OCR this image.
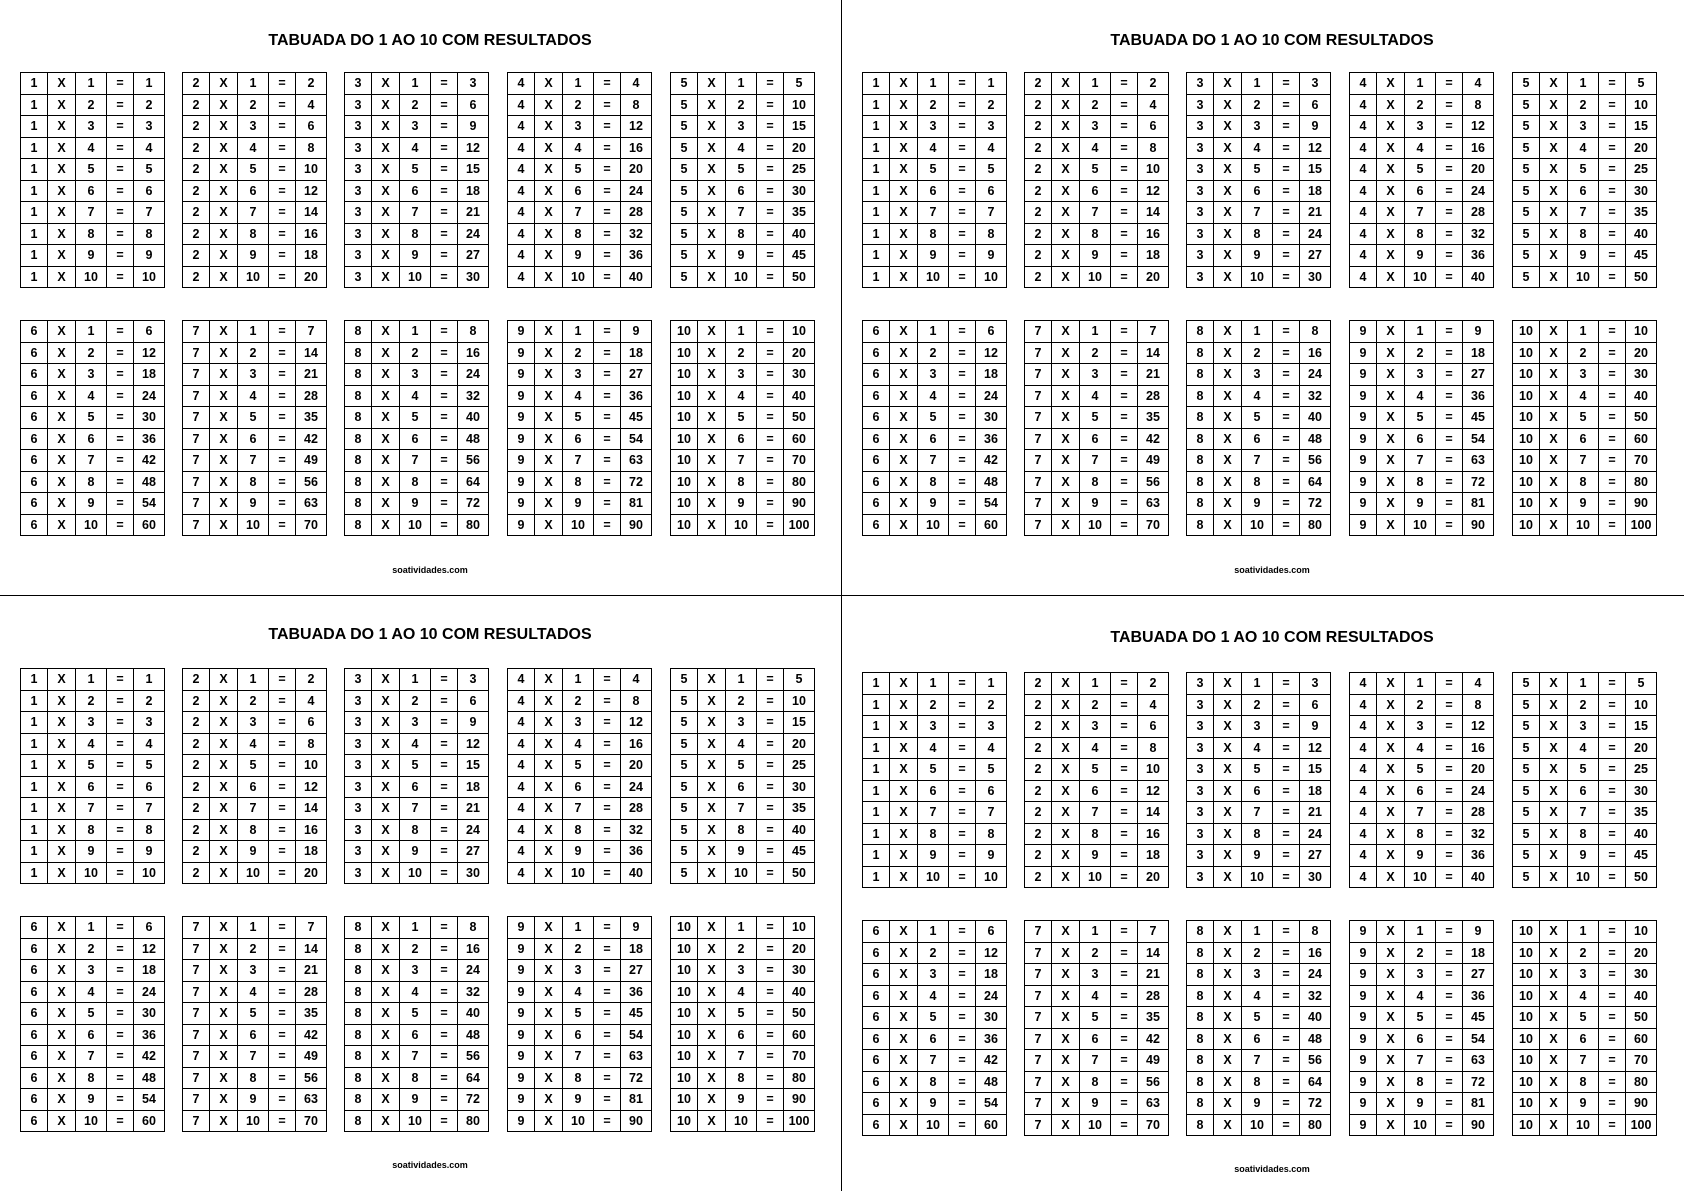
TABUADA DO 1 AO 10 COM RESULTADOS
1	X	1	=	1
1	X	2	=	2
1	X	3	=	3
1	X	4	=	4
1	X	5	=	5
1	X	6	=	6
1	X	7	=	7
1	X	8	=	8
1	X	9	=	9
1	X	10	=	10
2	X	1	=	2
2	X	2	=	4
2	X	3	=	6
2	X	4	=	8
2	X	5	=	10
2	X	6	=	12
2	X	7	=	14
2	X	8	=	16
2	X	9	=	18
2	X	10	=	20
3	X	1	=	3
3	X	2	=	6
3	X	3	=	9
3	X	4	=	12
3	X	5	=	15
3	X	6	=	18
3	X	7	=	21
3	X	8	=	24
3	X	9	=	27
3	X	10	=	30
4	X	1	=	4
4	X	2	=	8
4	X	3	=	12
4	X	4	=	16
4	X	5	=	20
4	X	6	=	24
4	X	7	=	28
4	X	8	=	32
4	X	9	=	36
4	X	10	=	40
5	X	1	=	5
5	X	2	=	10
5	X	3	=	15
5	X	4	=	20
5	X	5	=	25
5	X	6	=	30
5	X	7	=	35
5	X	8	=	40
5	X	9	=	45
5	X	10	=	50
6	X	1	=	6
6	X	2	=	12
6	X	3	=	18
6	X	4	=	24
6	X	5	=	30
6	X	6	=	36
6	X	7	=	42
6	X	8	=	48
6	X	9	=	54
6	X	10	=	60
7	X	1	=	7
7	X	2	=	14
7	X	3	=	21
7	X	4	=	28
7	X	5	=	35
7	X	6	=	42
7	X	7	=	49
7	X	8	=	56
7	X	9	=	63
7	X	10	=	70
8	X	1	=	8
8	X	2	=	16
8	X	3	=	24
8	X	4	=	32
8	X	5	=	40
8	X	6	=	48
8	X	7	=	56
8	X	8	=	64
8	X	9	=	72
8	X	10	=	80
9	X	1	=	9
9	X	2	=	18
9	X	3	=	27
9	X	4	=	36
9	X	5	=	45
9	X	6	=	54
9	X	7	=	63
9	X	8	=	72
9	X	9	=	81
9	X	10	=	90
10	X	1	=	10
10	X	2	=	20
10	X	3	=	30
10	X	4	=	40
10	X	5	=	50
10	X	6	=	60
10	X	7	=	70
10	X	8	=	80
10	X	9	=	90
10	X	10	=	100
soatividades.com
TABUADA DO 1 AO 10 COM RESULTADOS
1	X	1	=	1
1	X	2	=	2
1	X	3	=	3
1	X	4	=	4
1	X	5	=	5
1	X	6	=	6
1	X	7	=	7
1	X	8	=	8
1	X	9	=	9
1	X	10	=	10
2	X	1	=	2
2	X	2	=	4
2	X	3	=	6
2	X	4	=	8
2	X	5	=	10
2	X	6	=	12
2	X	7	=	14
2	X	8	=	16
2	X	9	=	18
2	X	10	=	20
3	X	1	=	3
3	X	2	=	6
3	X	3	=	9
3	X	4	=	12
3	X	5	=	15
3	X	6	=	18
3	X	7	=	21
3	X	8	=	24
3	X	9	=	27
3	X	10	=	30
4	X	1	=	4
4	X	2	=	8
4	X	3	=	12
4	X	4	=	16
4	X	5	=	20
4	X	6	=	24
4	X	7	=	28
4	X	8	=	32
4	X	9	=	36
4	X	10	=	40
5	X	1	=	5
5	X	2	=	10
5	X	3	=	15
5	X	4	=	20
5	X	5	=	25
5	X	6	=	30
5	X	7	=	35
5	X	8	=	40
5	X	9	=	45
5	X	10	=	50
6	X	1	=	6
6	X	2	=	12
6	X	3	=	18
6	X	4	=	24
6	X	5	=	30
6	X	6	=	36
6	X	7	=	42
6	X	8	=	48
6	X	9	=	54
6	X	10	=	60
7	X	1	=	7
7	X	2	=	14
7	X	3	=	21
7	X	4	=	28
7	X	5	=	35
7	X	6	=	42
7	X	7	=	49
7	X	8	=	56
7	X	9	=	63
7	X	10	=	70
8	X	1	=	8
8	X	2	=	16
8	X	3	=	24
8	X	4	=	32
8	X	5	=	40
8	X	6	=	48
8	X	7	=	56
8	X	8	=	64
8	X	9	=	72
8	X	10	=	80
9	X	1	=	9
9	X	2	=	18
9	X	3	=	27
9	X	4	=	36
9	X	5	=	45
9	X	6	=	54
9	X	7	=	63
9	X	8	=	72
9	X	9	=	81
9	X	10	=	90
10	X	1	=	10
10	X	2	=	20
10	X	3	=	30
10	X	4	=	40
10	X	5	=	50
10	X	6	=	60
10	X	7	=	70
10	X	8	=	80
10	X	9	=	90
10	X	10	=	100
soatividades.com
TABUADA DO 1 AO 10 COM RESULTADOS
1	X	1	=	1
1	X	2	=	2
1	X	3	=	3
1	X	4	=	4
1	X	5	=	5
1	X	6	=	6
1	X	7	=	7
1	X	8	=	8
1	X	9	=	9
1	X	10	=	10
2	X	1	=	2
2	X	2	=	4
2	X	3	=	6
2	X	4	=	8
2	X	5	=	10
2	X	6	=	12
2	X	7	=	14
2	X	8	=	16
2	X	9	=	18
2	X	10	=	20
3	X	1	=	3
3	X	2	=	6
3	X	3	=	9
3	X	4	=	12
3	X	5	=	15
3	X	6	=	18
3	X	7	=	21
3	X	8	=	24
3	X	9	=	27
3	X	10	=	30
4	X	1	=	4
4	X	2	=	8
4	X	3	=	12
4	X	4	=	16
4	X	5	=	20
4	X	6	=	24
4	X	7	=	28
4	X	8	=	32
4	X	9	=	36
4	X	10	=	40
5	X	1	=	5
5	X	2	=	10
5	X	3	=	15
5	X	4	=	20
5	X	5	=	25
5	X	6	=	30
5	X	7	=	35
5	X	8	=	40
5	X	9	=	45
5	X	10	=	50
6	X	1	=	6
6	X	2	=	12
6	X	3	=	18
6	X	4	=	24
6	X	5	=	30
6	X	6	=	36
6	X	7	=	42
6	X	8	=	48
6	X	9	=	54
6	X	10	=	60
7	X	1	=	7
7	X	2	=	14
7	X	3	=	21
7	X	4	=	28
7	X	5	=	35
7	X	6	=	42
7	X	7	=	49
7	X	8	=	56
7	X	9	=	63
7	X	10	=	70
8	X	1	=	8
8	X	2	=	16
8	X	3	=	24
8	X	4	=	32
8	X	5	=	40
8	X	6	=	48
8	X	7	=	56
8	X	8	=	64
8	X	9	=	72
8	X	10	=	80
9	X	1	=	9
9	X	2	=	18
9	X	3	=	27
9	X	4	=	36
9	X	5	=	45
9	X	6	=	54
9	X	7	=	63
9	X	8	=	72
9	X	9	=	81
9	X	10	=	90
10	X	1	=	10
10	X	2	=	20
10	X	3	=	30
10	X	4	=	40
10	X	5	=	50
10	X	6	=	60
10	X	7	=	70
10	X	8	=	80
10	X	9	=	90
10	X	10	=	100
soatividades.com
TABUADA DO 1 AO 10 COM RESULTADOS
1	X	1	=	1
1	X	2	=	2
1	X	3	=	3
1	X	4	=	4
1	X	5	=	5
1	X	6	=	6
1	X	7	=	7
1	X	8	=	8
1	X	9	=	9
1	X	10	=	10
2	X	1	=	2
2	X	2	=	4
2	X	3	=	6
2	X	4	=	8
2	X	5	=	10
2	X	6	=	12
2	X	7	=	14
2	X	8	=	16
2	X	9	=	18
2	X	10	=	20
3	X	1	=	3
3	X	2	=	6
3	X	3	=	9
3	X	4	=	12
3	X	5	=	15
3	X	6	=	18
3	X	7	=	21
3	X	8	=	24
3	X	9	=	27
3	X	10	=	30
4	X	1	=	4
4	X	2	=	8
4	X	3	=	12
4	X	4	=	16
4	X	5	=	20
4	X	6	=	24
4	X	7	=	28
4	X	8	=	32
4	X	9	=	36
4	X	10	=	40
5	X	1	=	5
5	X	2	=	10
5	X	3	=	15
5	X	4	=	20
5	X	5	=	25
5	X	6	=	30
5	X	7	=	35
5	X	8	=	40
5	X	9	=	45
5	X	10	=	50
6	X	1	=	6
6	X	2	=	12
6	X	3	=	18
6	X	4	=	24
6	X	5	=	30
6	X	6	=	36
6	X	7	=	42
6	X	8	=	48
6	X	9	=	54
6	X	10	=	60
7	X	1	=	7
7	X	2	=	14
7	X	3	=	21
7	X	4	=	28
7	X	5	=	35
7	X	6	=	42
7	X	7	=	49
7	X	8	=	56
7	X	9	=	63
7	X	10	=	70
8	X	1	=	8
8	X	2	=	16
8	X	3	=	24
8	X	4	=	32
8	X	5	=	40
8	X	6	=	48
8	X	7	=	56
8	X	8	=	64
8	X	9	=	72
8	X	10	=	80
9	X	1	=	9
9	X	2	=	18
9	X	3	=	27
9	X	4	=	36
9	X	5	=	45
9	X	6	=	54
9	X	7	=	63
9	X	8	=	72
9	X	9	=	81
9	X	10	=	90
10	X	1	=	10
10	X	2	=	20
10	X	3	=	30
10	X	4	=	40
10	X	5	=	50
10	X	6	=	60
10	X	7	=	70
10	X	8	=	80
10	X	9	=	90
10	X	10	=	100
soatividades.com
